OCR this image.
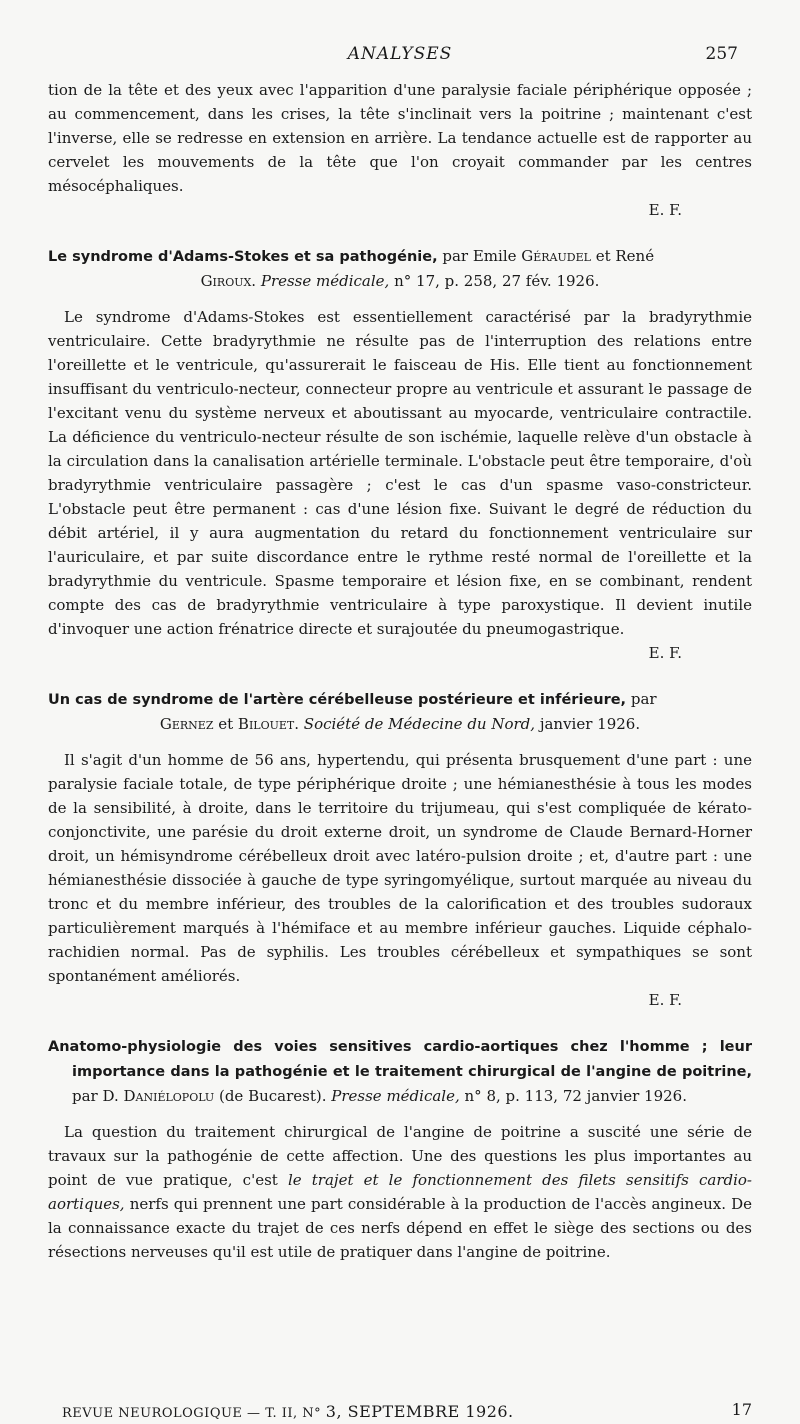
ANALYSES	257

tion de la tête et des yeux avec l'apparition d'une paralysie faciale périphérique opposée ; au commencement, dans les crises, la tête s'inclinait vers la poitrine ; maintenant c'est l'inverse, elle se redresse en extension en arrière. La tendance actuelle est de rapporter au cervelet les mouvements de la tête que l'on croyait commander par les centres mésocéphaliques.

E. F.

Le syndrome d'Adams-Stokes et sa pathogénie, par Emile Géraudel et René
Giroux. Presse médicale, n° 17, p. 258, 27 fév. 1926.

Le syndrome d'Adams-Stokes est essentiellement caractérisé par la bradyrythmie ventriculaire. Cette bradyrythmie ne résulte pas de l'interruption des relations entre l'oreillette et le ventricule, qu'assurerait le faisceau de His. Elle tient au fonctionnement insuffisant du ventriculo-necteur, connecteur propre au ventricule et assurant le passage de l'excitant venu du système nerveux et aboutissant au myocarde, ventriculaire contractile. La déficience du ventriculo-necteur résulte de son ischémie, laquelle relève d'un obstacle à la circulation dans la canalisation artérielle terminale. L'obstacle peut être temporaire, d'où bradyrythmie ventriculaire passagère ; c'est le cas d'un spasme vaso-constricteur. L'obstacle peut être permanent : cas d'une lésion fixe. Suivant le degré de réduction du débit artériel, il y aura augmentation du retard du fonctionnement ventriculaire sur l'auriculaire, et par suite discordance entre le rythme resté normal de l'oreillette et la bradyrythmie du ventricule. Spasme temporaire et lésion fixe, en se combinant, rendent compte des cas de bradyrythmie ventriculaire à type paroxystique. Il devient inutile d'invoquer une action frénatrice directe et surajoutée du pneumogastrique.

E. F.

Un cas de syndrome de l'artère cérébelleuse postérieure et inférieure, par
Gernez et Bilouet. Société de Médecine du Nord, janvier 1926.

Il s'agit d'un homme de 56 ans, hypertendu, qui présenta brusquement d'une part : une paralysie faciale totale, de type périphérique droite ; une hémianesthésie à tous les modes de la sensibilité, à droite, dans le territoire du trijumeau, qui s'est compliquée de kérato-conjonctivite, une parésie du droit externe droit, un syndrome de Claude Bernard-Horner droit, un hémisyndrome cérébelleux droit avec latéro-pulsion droite ; et, d'autre part : une hémianesthésie dissociée à gauche de type syringomyélique, surtout marquée au niveau du tronc et du membre inférieur, des troubles de la calorification et des troubles sudoraux particulièrement marqués à l'hémiface et au membre inférieur gauches. Liquide céphalo-rachidien normal. Pas de syphilis. Les troubles cérébelleux et sympathiques se sont spontanément améliorés.

E. F.

Anatomo-physiologie des voies sensitives cardio-aortiques chez l'homme ; leur importance dans la pathogénie et le traitement chirurgical de l'angine de poitrine, par D. Daniélopolu (de Bucarest). Presse médicale, n° 8, p. 113, 72 janvier 1926.

La question du traitement chirurgical de l'angine de poitrine a suscité une série de travaux sur la pathogénie de cette affection. Une des questions les plus importantes au point de vue pratique, c'est le trajet et le fonctionnement des filets sensitifs cardio-aortiques, nerfs qui prennent une part considérable à la production de l'accès angineux. De la connaissance exacte du trajet de ces nerfs dépend en effet le siège des sections ou des résections nerveuses qu'il est utile de pratiquer dans l'angine de poitrine.

REVUE NEUROLOGIQUE — T. II, N° 3, SEPTEMBRE 1926.	17
